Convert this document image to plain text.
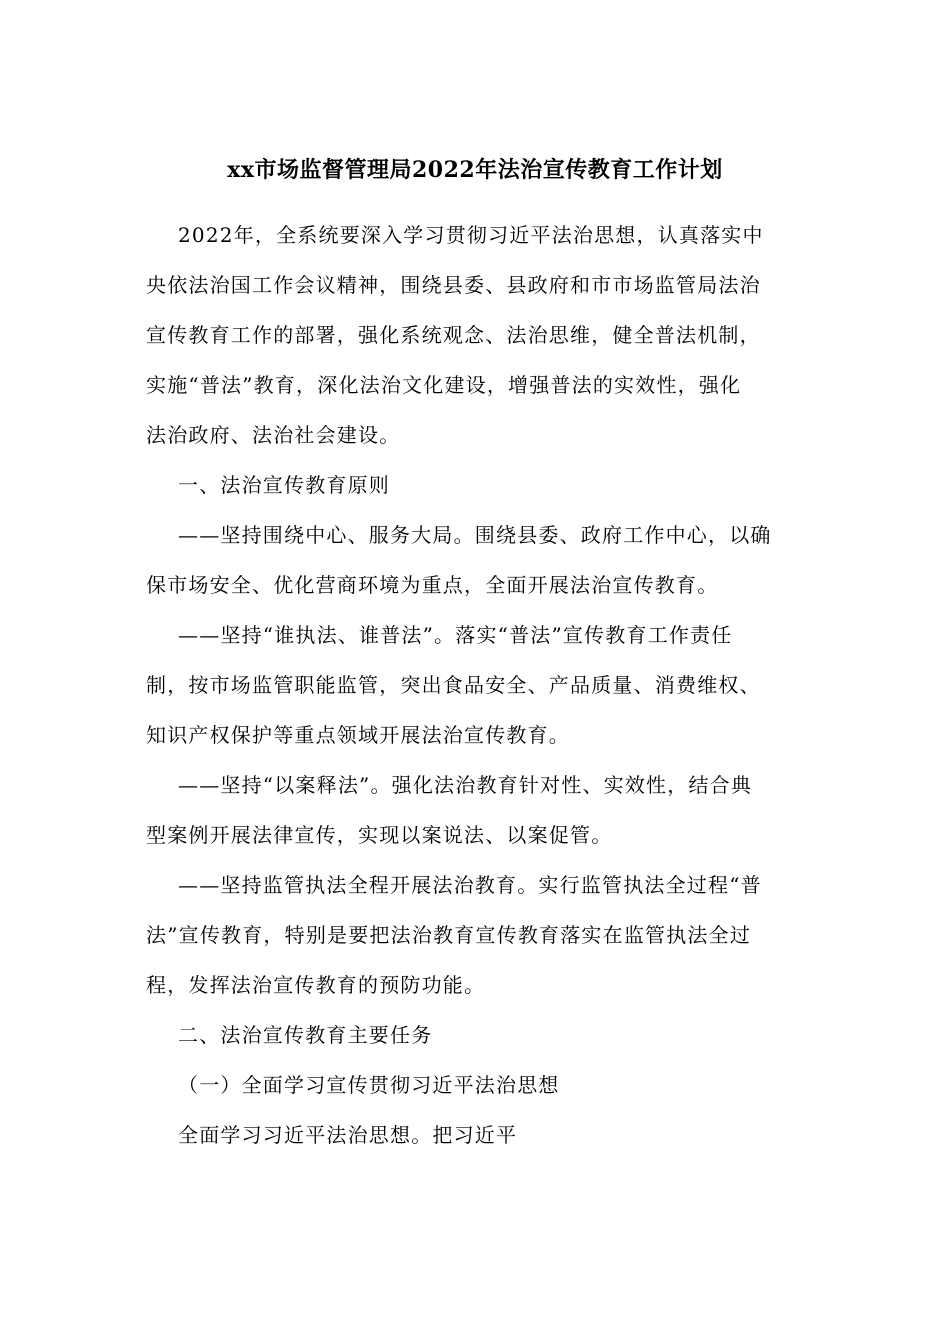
xx市场监督管理局2022年法治宣传教育工作计划
2022年，全系统要深入学习贯彻习近平法治思想，认真落实中
央依法治国工作会议精神，围绕县委、县政府和市市场监管局法治
宣传教育工作的部署，强化系统观念、法治思维，健全普法机制，
实施“普法”教育，深化法治文化建设，增强普法的实效性，强化
法治政府、法治社会建设。
一、法治宣传教育原则
——坚持围绕中心、服务大局。围绕县委、政府工作中心，以确
保市场安全、优化营商环境为重点，全面开展法治宣传教育。
——坚持“谁执法、谁普法”。落实“普法”宣传教育工作责任
制，按市场监管职能监管，突出食品安全、产品质量、消费维权、
知识产权保护等重点领域开展法治宣传教育。
——坚持“以案释法”。强化法治教育针对性、实效性，结合典
型案例开展法律宣传，实现以案说法、以案促管。
——坚持监管执法全程开展法治教育。实行监管执法全过程“普
法”宣传教育，特别是要把法治教育宣传教育落实在监管执法全过
程，发挥法治宣传教育的预防功能。
二、法治宣传教育主要任务
（一）全面学习宣传贯彻习近平法治思想
全面学习习近平法治思想。把习近平
